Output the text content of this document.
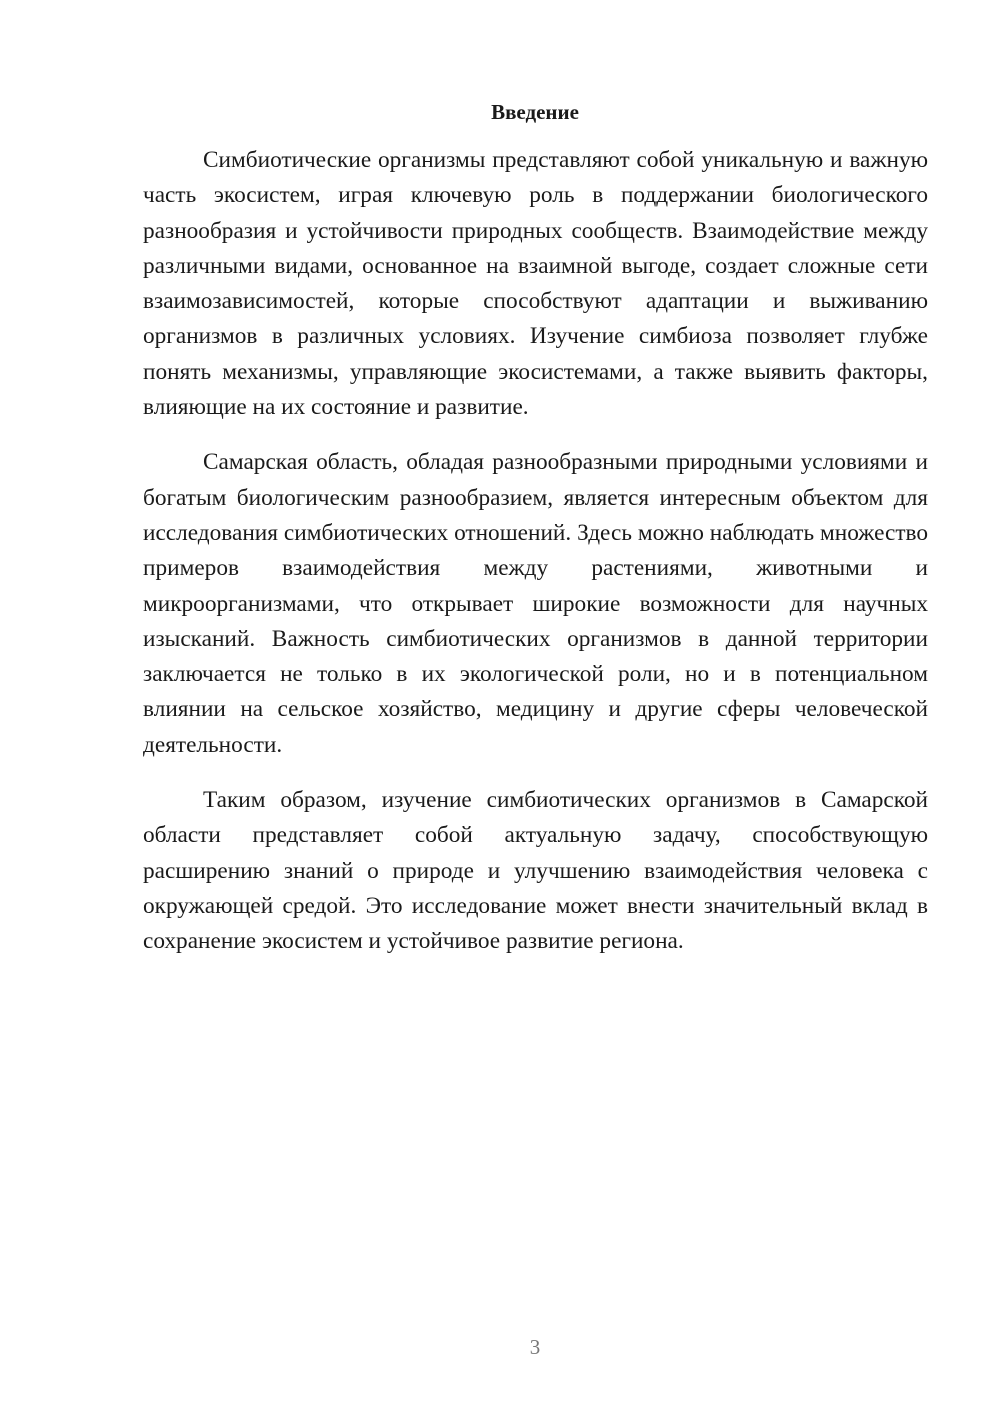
Введение

Симбиотические организмы представляют собой уникальную и важную часть экосистем, играя ключевую роль в поддержании биологического разнообразия и устойчивости природных сообществ. Взаимодействие между различными видами, основанное на взаимной выгоде, создает сложные сети взаимозависимостей, которые способствуют адаптации и выживанию организмов в различных условиях. Изучение симбиоза позволяет глубже понять механизмы, управляющие экосистемами, а также выявить факторы, влияющие на их состояние и развитие.

Самарская область, обладая разнообразными природными условиями и богатым биологическим разнообразием, является интересным объектом для исследования симбиотических отношений. Здесь можно наблюдать множество примеров взаимодействия между растениями, животными и микроорганизмами, что открывает широкие возможности для научных изысканий. Важность симбиотических организмов в данной территории заключается не только в их экологической роли, но и в потенциальном влиянии на сельское хозяйство, медицину и другие сферы человеческой деятельности.

Таким образом, изучение симбиотических организмов в Самарской области представляет собой актуальную задачу, способствующую расширению знаний о природе и улучшению взаимодействия человека с окружающей средой. Это исследование может внести значительный вклад в сохранение экосистем и устойчивое развитие региона.

3
